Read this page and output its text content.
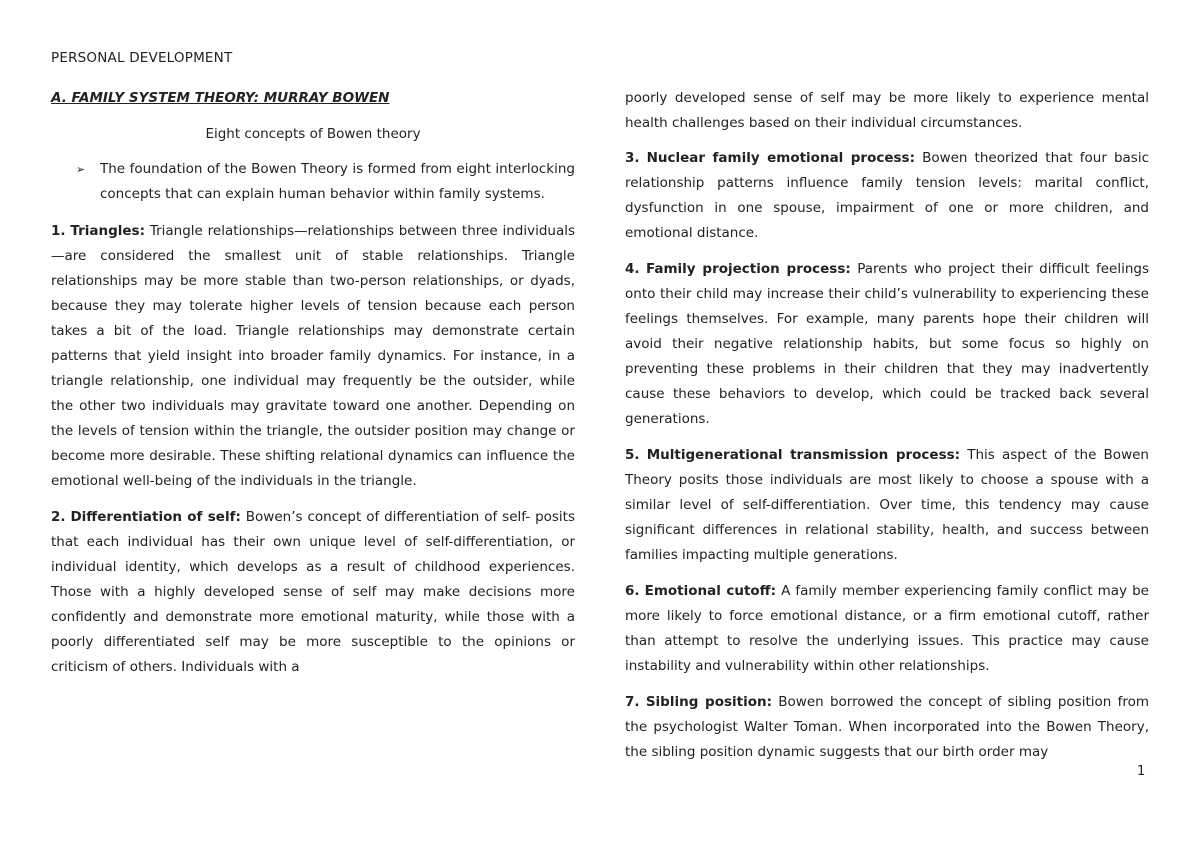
PERSONAL DEVELOPMENT
A. FAMILY SYSTEM THEORY: MURRAY BOWEN
Eight concepts of Bowen theory
➢	The foundation of the Bowen Theory is formed from eight interlocking concepts that can explain human behavior within family systems.

1. Triangles: Triangle relationships—relationships between three individuals—are considered the smallest unit of stable relationships. Triangle relationships may be more stable than two-person relationships, or dyads, because they may tolerate higher levels of tension because each person takes a bit of the load. Triangle relationships may demonstrate certain patterns that yield insight into broader family dynamics. For instance, in a triangle relationship, one individual may frequently be the outsider, while the other two individuals may gravitate toward one another. Depending on the levels of tension within the triangle, the outsider position may change or become more desirable. These shifting relational dynamics can influence the emotional well-being of the individuals in the triangle.

2. Differentiation of self: Bowen’s concept of differentiation of self- posits that each individual has their own unique level of self-differentiation, or individual identity, which develops as a result of childhood experiences. Those with a highly developed sense of self may make decisions more confidently and demonstrate more emotional maturity, while those with a poorly differentiated self may be more susceptible to the opinions or criticism of others. Individuals with a

poorly developed sense of self may be more likely to experience mental health challenges based on their individual circumstances.

3. Nuclear family emotional process: Bowen theorized that four basic relationship patterns influence family tension levels: marital conflict, dysfunction in one spouse, impairment of one or more children, and emotional distance.

4. Family projection process: Parents who project their difficult feelings onto their child may increase their child’s vulnerability to experiencing these feelings themselves. For example, many parents hope their children will avoid their negative relationship habits, but some focus so highly on preventing these problems in their children that they may inadvertently cause these behaviors to develop, which could be tracked back several generations.

5. Multigenerational transmission process: This aspect of the Bowen Theory posits those individuals are most likely to choose a spouse with a similar level of self-differentiation. Over time, this tendency may cause significant differences in relational stability, health, and success between families impacting multiple generations.

6. Emotional cutoff: A family member experiencing family conflict may be more likely to force emotional distance, or a firm emotional cutoff, rather than attempt to resolve the underlying issues. This practice may cause instability and vulnerability within other relationships.

7. Sibling position: Bowen borrowed the concept of sibling position from the psychologist Walter Toman. When incorporated into the Bowen Theory, the sibling position dynamic suggests that our birth order may

1
